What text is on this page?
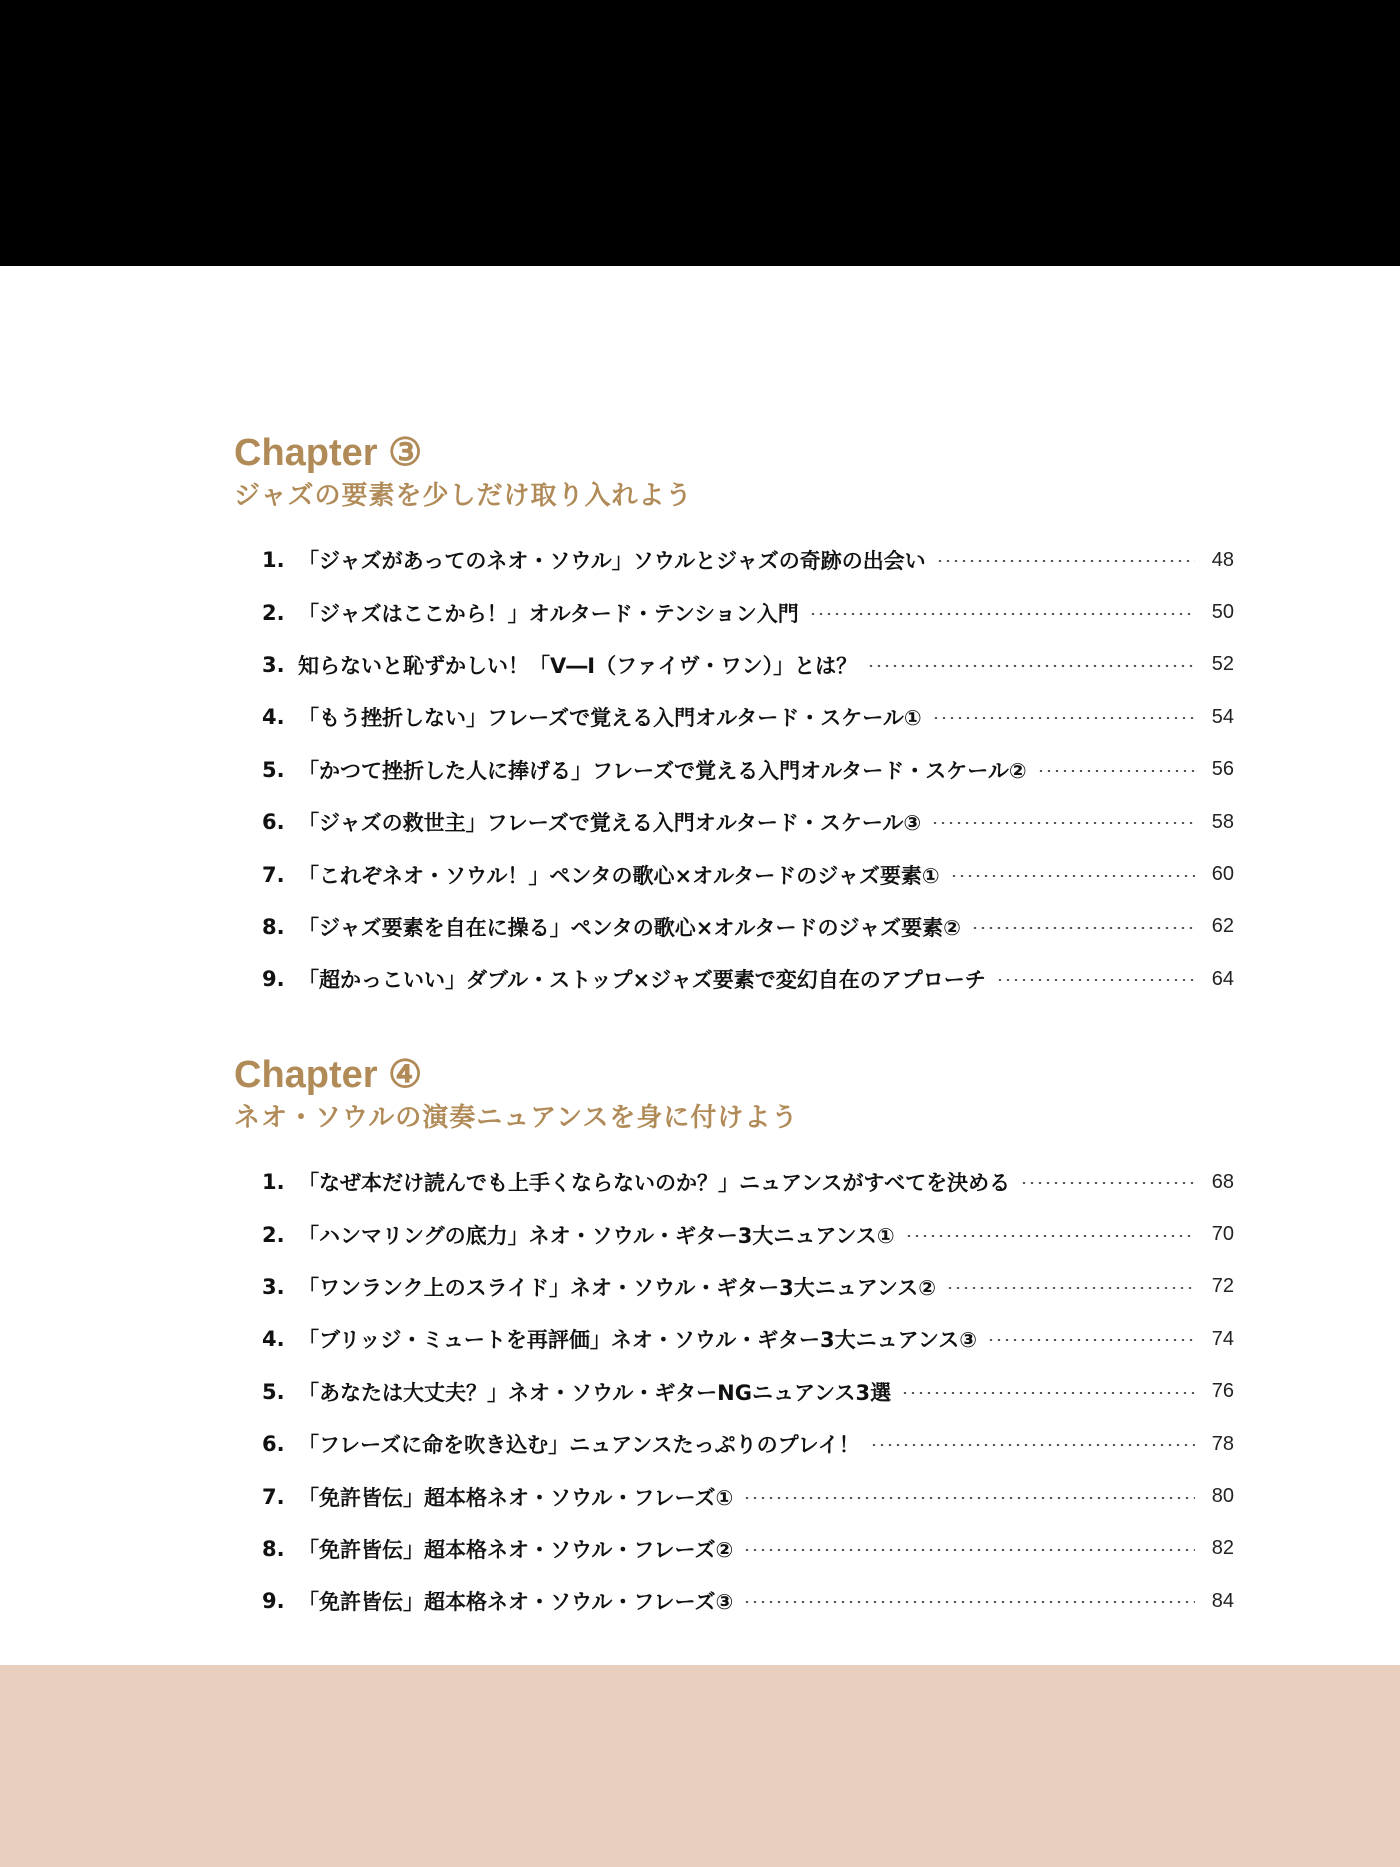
Chapter ③
ジャズの要素を少しだけ取り入れよう
1. 「ジャズがあってのネオ・ソウル」ソウルとジャズの奇跡の出会い	48
2. 「ジャズはここから！」オルタード・テンション入門	50
3. 知らないと恥ずかしい！「V―I（ファイヴ・ワン）」とは？	52
4. 「もう挫折しない」フレーズで覚える入門オルタード・スケール①	54
5. 「かつて挫折した人に捧げる」フレーズで覚える入門オルタード・スケール②	56
6. 「ジャズの救世主」フレーズで覚える入門オルタード・スケール③	58
7. 「これぞネオ・ソウル！」ペンタの歌心×オルタードのジャズ要素①	60
8. 「ジャズ要素を自在に操る」ペンタの歌心×オルタードのジャズ要素②	62
9. 「超かっこいい」ダブル・ストップ×ジャズ要素で変幻自在のアプローチ	64
Chapter ④
ネオ・ソウルの演奏ニュアンスを身に付けよう
1. 「なぜ本だけ読んでも上手くならないのか？」ニュアンスがすべてを決める	68
2. 「ハンマリングの底力」ネオ・ソウル・ギター3大ニュアンス①	70
3. 「ワンランク上のスライド」ネオ・ソウル・ギター3大ニュアンス②	72
4. 「ブリッジ・ミュートを再評価」ネオ・ソウル・ギター3大ニュアンス③	74
5. 「あなたは大丈夫？」ネオ・ソウル・ギターNGニュアンス3選	76
6. 「フレーズに命を吹き込む」ニュアンスたっぷりのプレイ！	78
7. 「免許皆伝」超本格ネオ・ソウル・フレーズ①	80
8. 「免許皆伝」超本格ネオ・ソウル・フレーズ②	82
9. 「免許皆伝」超本格ネオ・ソウル・フレーズ③	84
